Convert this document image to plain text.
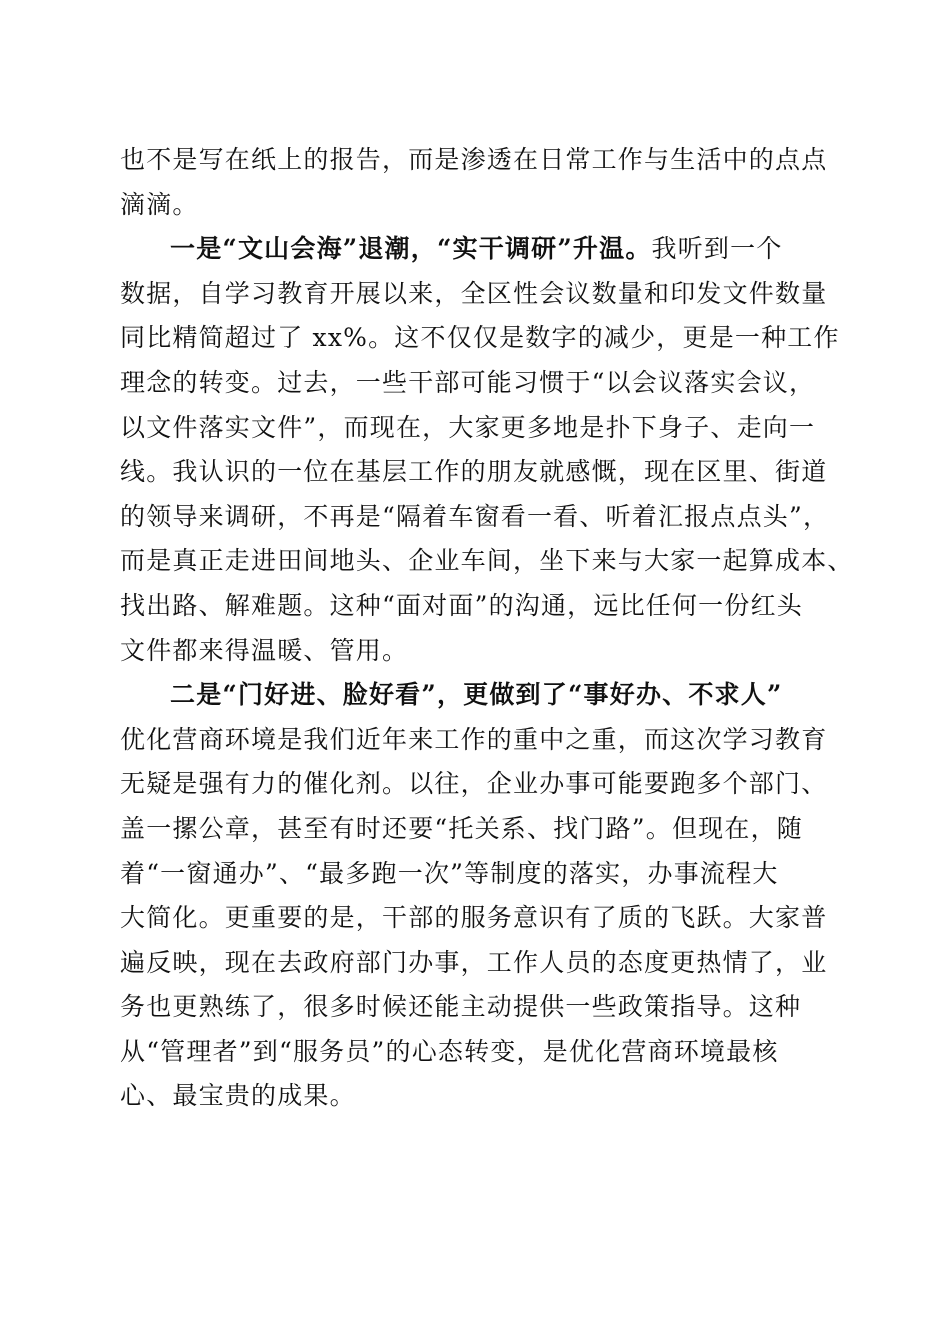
也不是写在纸上的报告，而是渗透在日常工作与生活中的点点
滴滴。
一是“文山会海”退潮，“实干调研”升温。我听到一个
数据，自学习教育开展以来，全区性会议数量和印发文件数量
同比精简超过了 xx%。这不仅仅是数字的减少，更是一种工作
理念的转变。过去，一些干部可能习惯于“以会议落实会议，
以文件落实文件”，而现在，大家更多地是扑下身子、走向一
线。我认识的一位在基层工作的朋友就感慨，现在区里、街道
的领导来调研，不再是“隔着车窗看一看、听着汇报点点头”，
而是真正走进田间地头、企业车间，坐下来与大家一起算成本、
找出路、解难题。这种“面对面”的沟通，远比任何一份红头
文件都来得温暖、管用。
二是“门好进、脸好看”，更做到了“事好办、不求人”
优化营商环境是我们近年来工作的重中之重，而这次学习教育
无疑是强有力的催化剂。以往，企业办事可能要跑多个部门、
盖一摞公章，甚至有时还要“托关系、找门路”。但现在，随
着“一窗通办”、“最多跑一次”等制度的落实，办事流程大
大简化。更重要的是，干部的服务意识有了质的飞跃。大家普
遍反映，现在去政府部门办事，工作人员的态度更热情了，业
务也更熟练了，很多时候还能主动提供一些政策指导。这种
从“管理者”到“服务员”的心态转变，是优化营商环境最核
心、最宝贵的成果。
